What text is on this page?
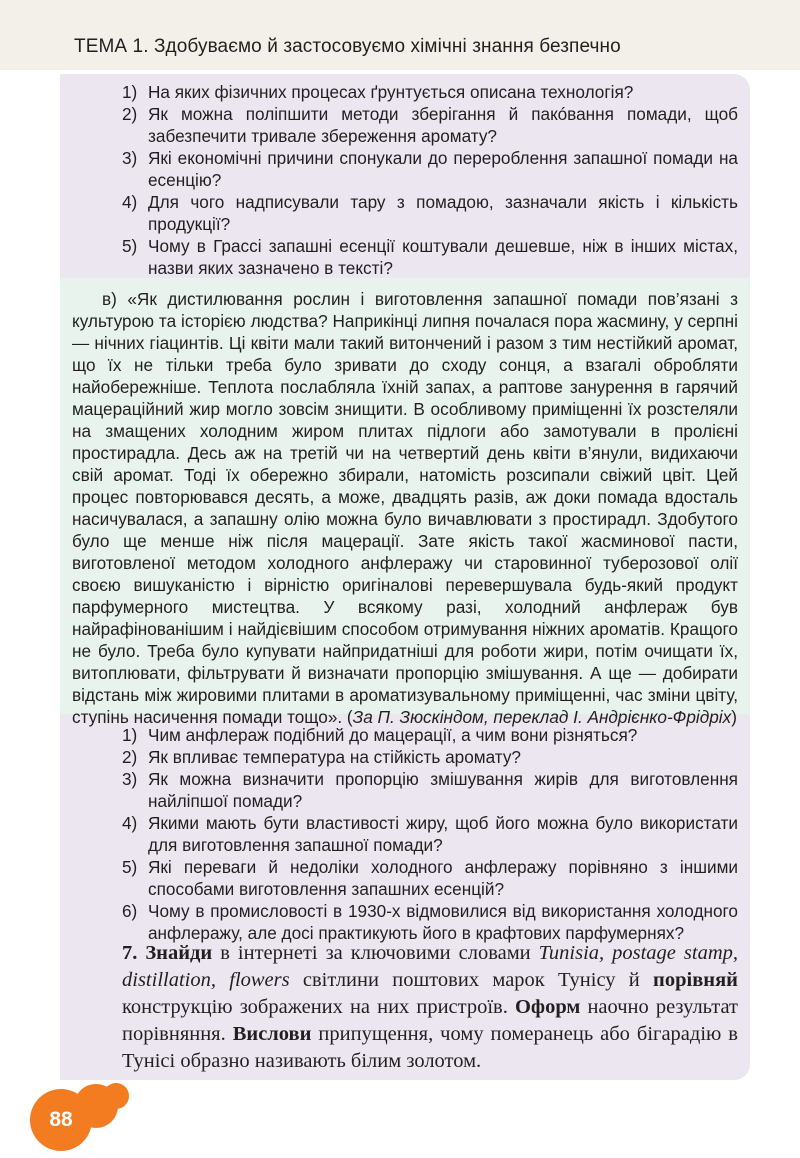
ТЕМА 1. Здобуваємо й застосовуємо хімічні знання безпечно
1) На яких фізичних процесах ґрунтується описана технологія?
2) Як можна поліпшити методи зберігання й пакóвання помади, щоб забезпечити тривале збереження аромату?
3) Які економічні причини спонукали до перероблення запашної помади на есенцію?
4) Для чого надписували тару з помадою, зазначали якість і кількість продукції?
5) Чому в Грассі запашні есенції коштували дешевше, ніж в інших містах, назви яких зазначено в тексті?

в) «Як дистилювання рослин і виготовлення запашної помади пов’язані з культурою та історією людства? Наприкінці липня почалася пора жасмину, у серпні — нічних гіацинтів. Ці квіти мали такий витончений і разом з тим нестійкий аромат, що їх не тільки треба було зривати до сходу сонця, а взагалі обробляти найобережніше. Теплота послабляла їхній запах, а раптове занурення в гарячий мацераційний жир могло зовсім знищити. В особливому приміщенні їх розстеляли на змащених холодним жиром плитах підлоги або замотували в пролієні простирадла. Десь аж на третій чи на четвертий день квіти в’янули, видихаючи свій аромат. Тоді їх обережно збирали, натомість розсипали свіжий цвіт. Цей процес повторювався десять, а може, двадцять разів, аж доки помада вдосталь насичувалася, а запашну олію можна було вичавлювати з простирадл. Здобутого було ще менше ніж після мацерації. Зате якість такої жасминової пасти, виготовленої методом холодного анфлеражу чи старовинної туберозової олії своєю вишуканістю і вірністю оригіналові перевершувала будь-який продукт парфумерного мистецтва. У всякому разі, холодний анфлераж був найрафінованішим і найдієвішим способом отримування ніжних ароматів. Кращого не було. Треба було купувати найпридатніші для роботи жири, потім очищати їх, витоплювати, фільтрувати й визначати пропорцію змішування. А ще — добирати відстань між жировими плитами в ароматизувальному приміщенні, час зміни цвіту, ступінь насичення помади тощо». (За П. Зюскіндом, переклад І. Андрієнко-Фрідріх)

1) Чим анфлераж подібний до мацерації, а чим вони різняться?
2) Як впливає температура на стійкість аромату?
3) Як можна визначити пропорцію змішування жирів для виготовлення найліпшої помади?
4) Якими мають бути властивості жиру, щоб його можна було використати для виготовлення запашної помади?
5) Які переваги й недоліки холодного анфлеражу порівняно з іншими способами виготовлення запашних есенцій?
6) Чому в промисловості в 1930-х відмовилися від використання холодного анфлеражу, але досі практикують його в крафтових парфумернях?

7. Знайди в інтернеті за ключовими словами Tunisia, postage stamp, distillation, flowers світлини поштових марок Тунісу й порівняй конструкцію зображених на них пристроїв. Оформ наочно результат порівняння. Вислови припущення, чому померанець або бігарадію в Тунісі образно називають білим золотом.

88
